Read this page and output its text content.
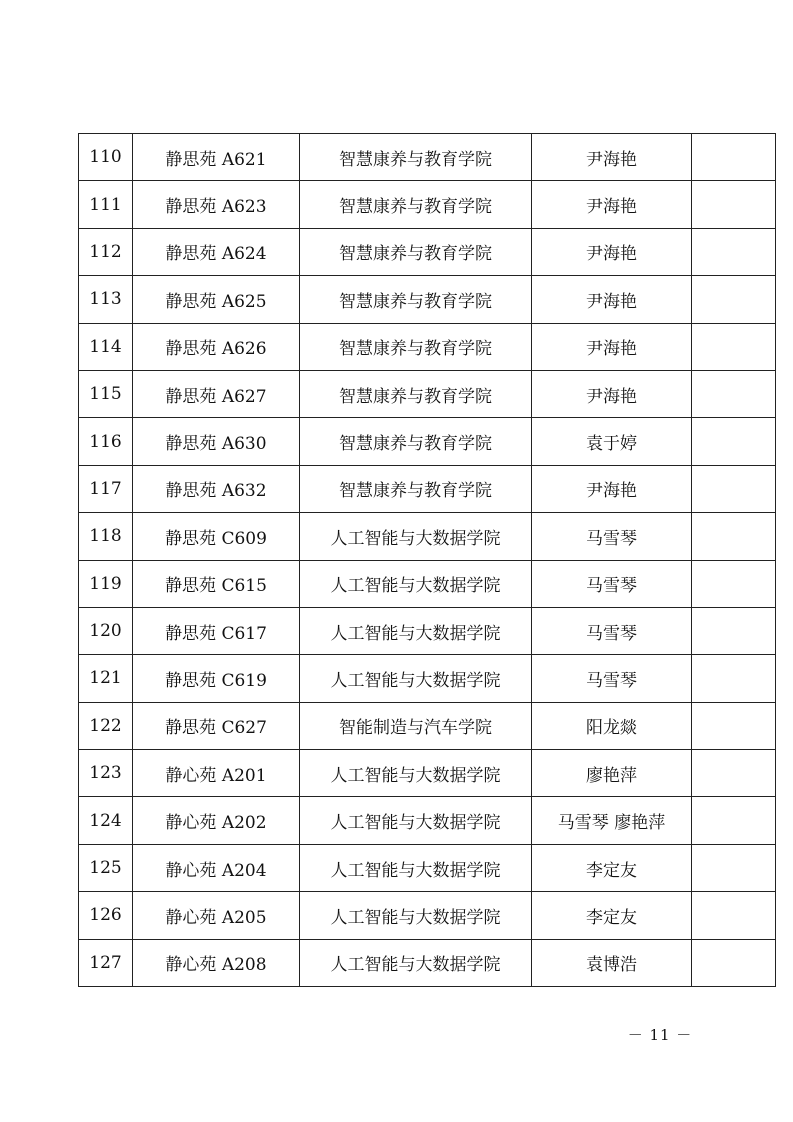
110	静思苑 A621	智慧康养与教育学院	尹海艳	
111	静思苑 A623	智慧康养与教育学院	尹海艳	
112	静思苑 A624	智慧康养与教育学院	尹海艳	
113	静思苑 A625	智慧康养与教育学院	尹海艳	
114	静思苑 A626	智慧康养与教育学院	尹海艳	
115	静思苑 A627	智慧康养与教育学院	尹海艳	
116	静思苑 A630	智慧康养与教育学院	袁于婷	
117	静思苑 A632	智慧康养与教育学院	尹海艳	
118	静思苑 C609	人工智能与大数据学院	马雪琴	
119	静思苑 C615	人工智能与大数据学院	马雪琴	
120	静思苑 C617	人工智能与大数据学院	马雪琴	
121	静思苑 C619	人工智能与大数据学院	马雪琴	
122	静思苑 C627	智能制造与汽车学院	阳龙燚	
123	静心苑 A201	人工智能与大数据学院	廖艳萍	
124	静心苑 A202	人工智能与大数据学院	马雪琴 廖艳萍	
125	静心苑 A204	人工智能与大数据学院	李定友	
126	静心苑 A205	人工智能与大数据学院	李定友	
127	静心苑 A208	人工智能与大数据学院	袁博浩	
－ 11 －
